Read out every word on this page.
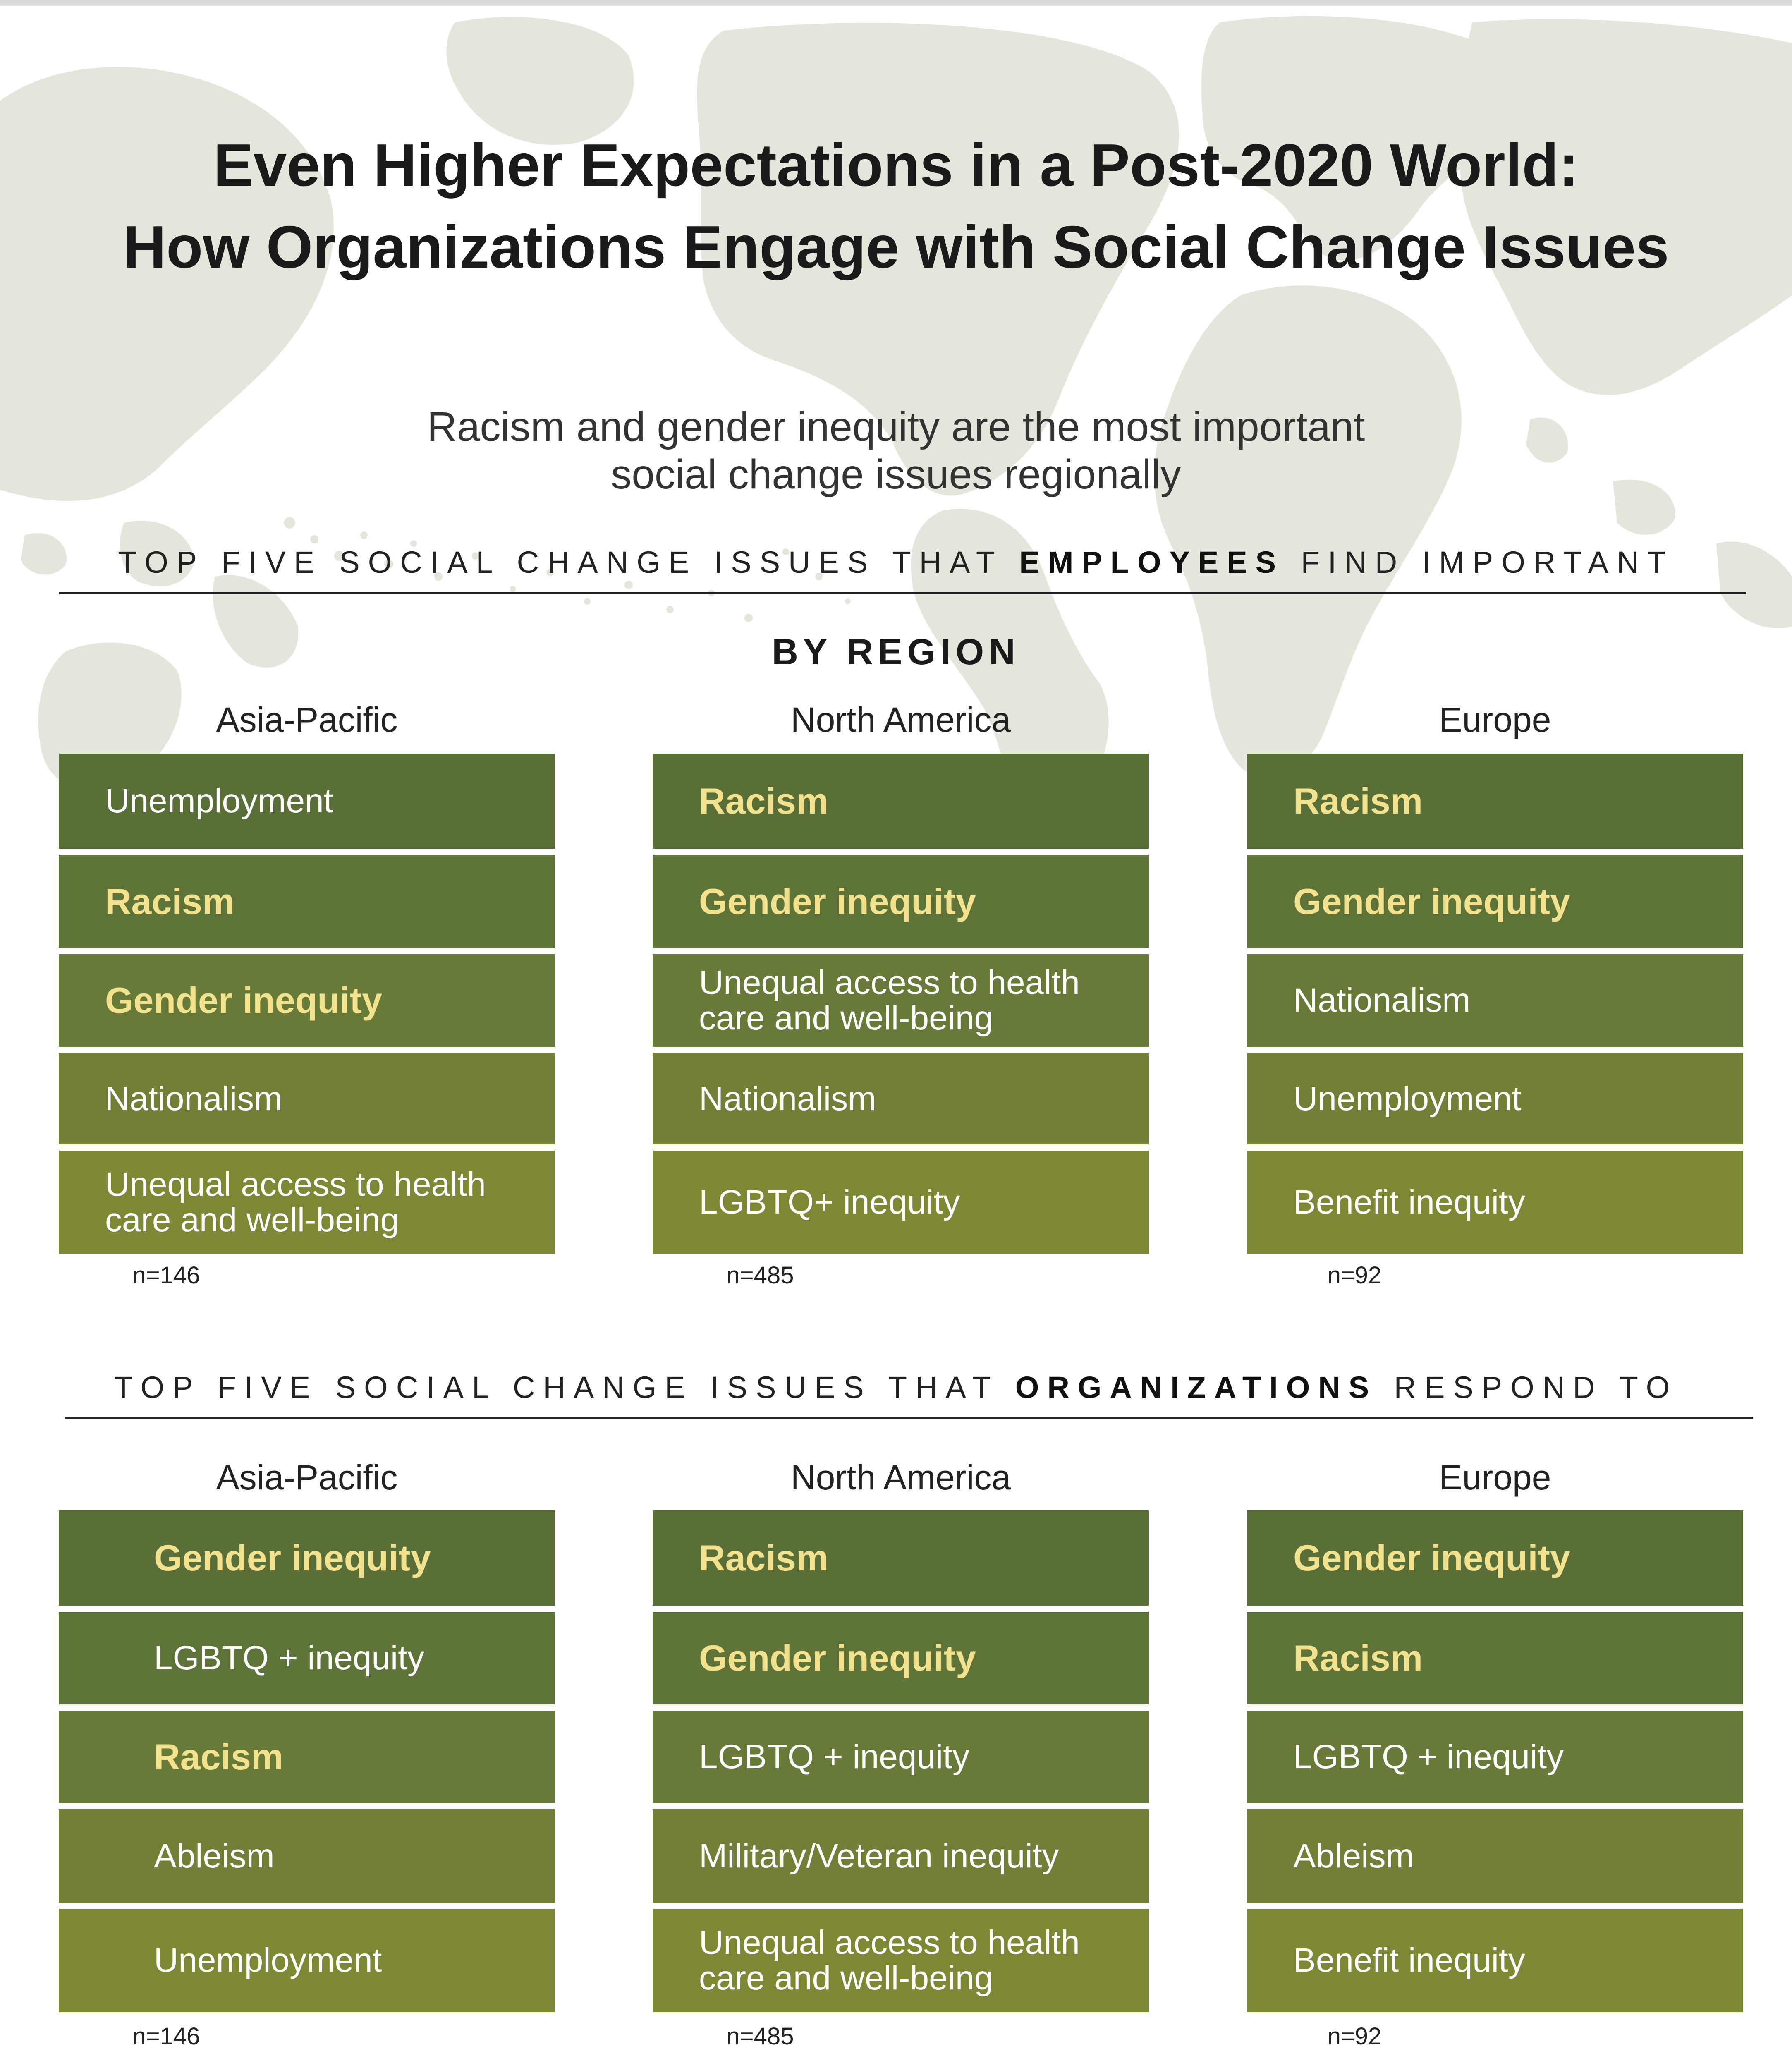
Even Higher Expectations in a Post-2020 World:
How Organizations Engage with Social Change Issues
Racism and gender inequity are the most important
social change issues regionally
TOP FIVE SOCIAL CHANGE ISSUES THAT EMPLOYEES FIND IMPORTANT
BY REGION
Asia-Pacific
Unemployment
Racism
Gender inequity
Nationalism
Unequal access to health
care and well-being
n=146
North America
Racism
Gender inequity
Unequal access to health
care and well-being
Nationalism
LGBTQ+ inequity
n=485
Europe
Racism
Gender inequity
Nationalism
Unemployment
Benefit inequity
n=92
TOP FIVE SOCIAL CHANGE ISSUES THAT ORGANIZATIONS RESPOND TO
Asia-Pacific
Gender inequity
LGBTQ + inequity
Racism
Ableism
Unemployment
n=146
North America
Racism
Gender inequity
LGBTQ + inequity
Military/Veteran inequity
Unequal access to health
care and well-being
n=485
Europe
Gender inequity
Racism
LGBTQ + inequity
Ableism
Benefit inequity
n=92
